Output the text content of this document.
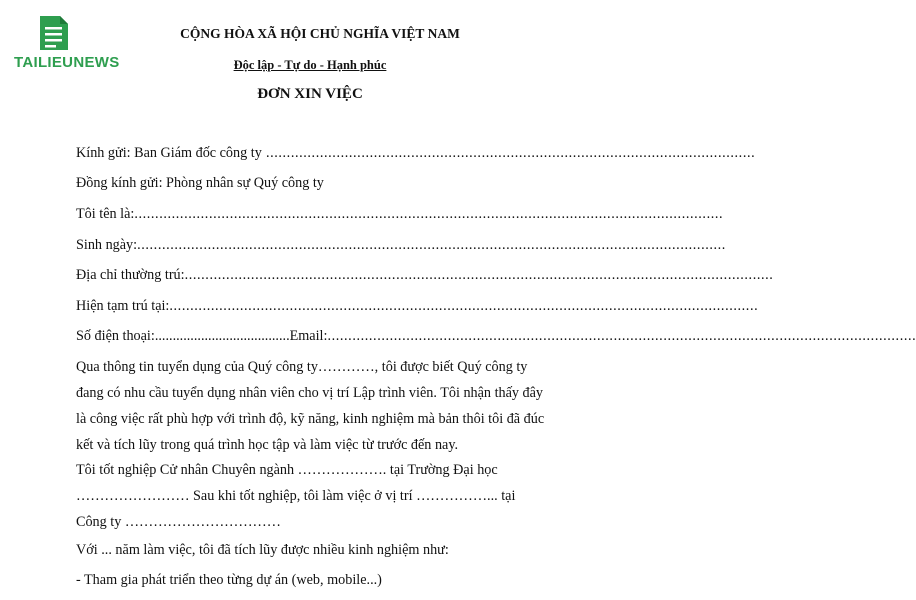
TAILIEUNEWS
CỘNG HÒA XÃ HỘI CHỦ NGHĨA VIỆT NAM
Độc lập - Tự do - Hạnh phúc
ĐƠN XIN VIỆC
Kính gửi: Ban Giám đốc công ty ......................................................................................................................
Đồng kính gửi: Phòng nhân sự Quý công ty
Tôi tên là: ..............................................................................................................................................
Sinh ngày: ..............................................................................................................................................
Địa chỉ thường trú: ..............................................................................................................................................
Hiện tạm trú tại: ..............................................................................................................................................
Số điện thoại: ...................................... Email: ..............................................................................................................................................
Qua thông tin tuyển dụng của Quý công ty…………, tôi được biết Quý công ty đang có nhu cầu tuyển dụng nhân viên cho vị trí Lập trình viên. Tôi nhận thấy đây là công việc rất phù hợp với trình độ, kỹ năng, kinh nghiệm mà bản thôi tôi đã đúc kết và tích lũy trong quá trình học tập và làm việc từ trước đến nay.
Tôi tốt nghiệp Cử nhân Chuyên ngành ………………. tại Trường Đại học …………………… Sau khi tốt nghiệp, tôi làm việc ở vị trí ……………... tại Công ty ……………………………
Với ... năm làm việc, tôi đã tích lũy được nhiều kinh nghiệm như:
- Tham gia phát triển theo từng dự án (web, mobile...)
